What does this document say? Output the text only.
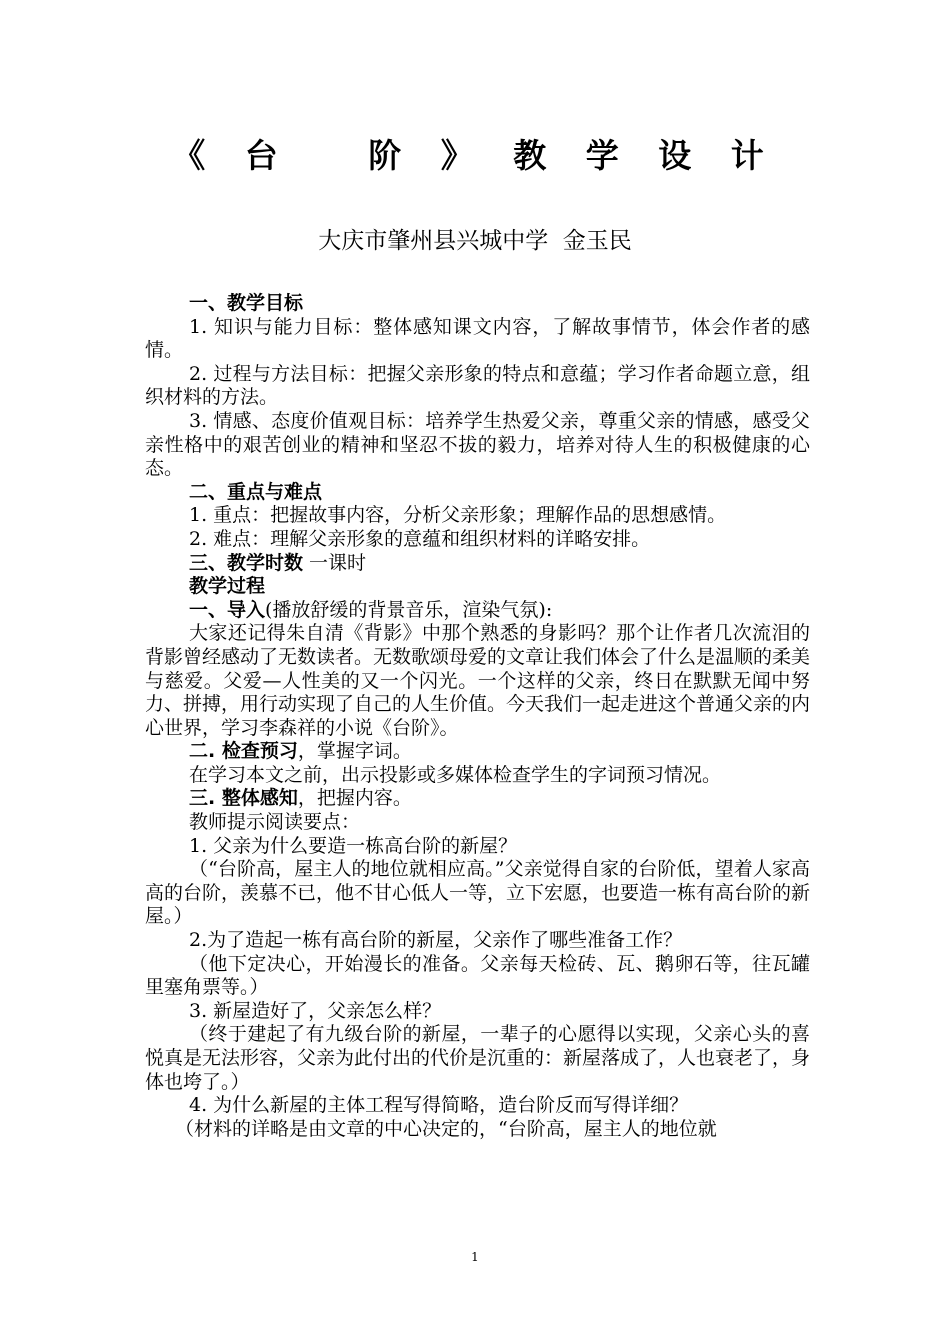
《 台   阶 》 教 学 设 计
大庆市肇州县兴城中学  金玉民

一、教学目标

1. 知识与能力目标：整体感知课文内容，了解故事情节，体会作者的感情。

2. 过程与方法目标：把握父亲形象的特点和意蕴；学习作者命题立意，组织材料的方法。

3. 情感、态度价值观目标：培养学生热爱父亲，尊重父亲的情感，感受父亲性格中的艰苦创业的精神和坚忍不拔的毅力，培养对待人生的积极健康的心态。

二、重点与难点

1. 重点：把握故事内容，分析父亲形象；理解作品的思想感情。

2. 难点：理解父亲形象的意蕴和组织材料的详略安排。

三、教学时数 一课时

教学过程

一、导入(播放舒缓的背景音乐，渲染气氛):

大家还记得朱自清《背影》中那个熟悉的身影吗？那个让作者几次流泪的背影曾经感动了无数读者。无数歌颂母爱的文章让我们体会了什么是温顺的柔美与慈爱。父爱—人性美的又一个闪光。一个这样的父亲，终日在默默无闻中努力、拼搏，用行动实现了自己的人生价值。今天我们一起走进这个普通父亲的内心世界，学习李森祥的小说《台阶》。

二. 检查预习，掌握字词。

在学习本文之前，出示投影或多媒体检查学生的字词预习情况。

三. 整体感知，把握内容。

教师提示阅读要点：

1. 父亲为什么要造一栋高台阶的新屋？

（“台阶高，屋主人的地位就相应高。”父亲觉得自家的台阶低，望着人家高高的台阶，羡慕不已，他不甘心低人一等，立下宏愿，也要造一栋有高台阶的新屋。）

2.为了造起一栋有高台阶的新屋，父亲作了哪些准备工作？

（他下定决心，开始漫长的准备。父亲每天检砖、瓦、鹅卵石等，往瓦罐里塞角票等。）

3. 新屋造好了，父亲怎么样？

（终于建起了有九级台阶的新屋，一辈子的心愿得以实现，父亲心头的喜悦真是无法形容，父亲为此付出的代价是沉重的：新屋落成了，人也衰老了，身体也垮了。）

4. 为什么新屋的主体工程写得简略，造台阶反而写得详细？

（材料的详略是由文章的中心决定的，“台阶高，屋主人的地位就

1
